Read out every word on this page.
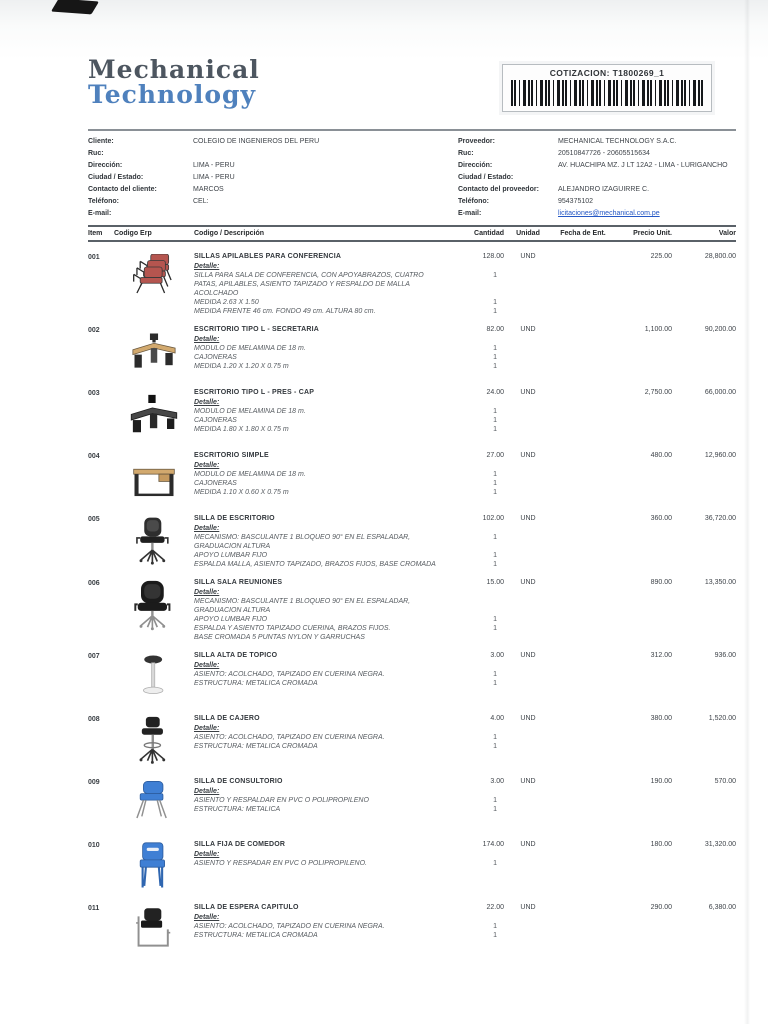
Mechanical
Technology
COTIZACION: T1800269_1
Cliente:	COLEGIO DE INGENIEROS DEL PERU
Ruc:
Dirección:	LIMA - PERU
Ciudad / Estado:	LIMA - PERU
Contacto del cliente:	MARCOS
Teléfono:	CEL:
E-mail:
Proveedor:	MECHANICAL TECHNOLOGY S.A.C.
Ruc:	20510847726 - 20605515634
Dirección:	AV. HUACHIPA MZ. J LT 12A2 - LIMA - LURIGANCHO
Ciudad / Estado:
Contacto del proveedor:	ALEJANDRO IZAGUIRRE C.
Teléfono:	954375102
E-mail:	licitaciones@mechanical.com.pe
Item	Codigo Erp	Codigo / Descripción	Cantidad	Unidad	Fecha de Ent.	Precio Unit.	Valor
001	SILLAS APILABLES PARA CONFERENCIA	128.00	UND	225.00	28,800.00
Detalle:
SILLA PARA SALA DE CONFERENCIA, CON APOYABRAZOS, CUATRO PATAS, APILABLES, ASIENTO TAPIZADO Y RESPALDO DE MALLA ACOLCHADO
1
MEDIDA 2.63 X 1.50	1
MEDIDA FRENTE 46 cm. FONDO 49 cm. ALTURA 80 cm.	1
002	ESCRITORIO TIPO L - SECRETARIA	82.00	UND	1,100.00	90,200.00
Detalle:
MODULO DE MELAMINA DE 18 m.	1
CAJONERAS	1
MEDIDA 1.20 X 1.20 X 0.75 m	1
003	ESCRITORIO TIPO L - PRES - CAP	24.00	UND	2,750.00	66,000.00
Detalle:
MODULO DE MELAMINA DE 18 m.	1
CAJONERAS	1
MEDIDA 1.80 X 1.80 X 0.75 m	1
004	ESCRITORIO SIMPLE	27.00	UND	480.00	12,960.00
Detalle:
MODULO DE MELAMINA DE 18 m.	1
CAJONERAS	1
MEDIDA 1.10 X 0.60 X 0.75 m	1
005	SILLA DE ESCRITORIO	102.00	UND	360.00	36,720.00
Detalle:
MECANISMO: BASCULANTE 1 BLOQUEO 90° EN EL ESPALADAR, GRADUACION ALTURA
1
APOYO LUMBAR FIJO	1
ESPALDA MALLA, ASIENTO TAPIZADO, BRAZOS FIJOS, BASE CROMADA	1
006	SILLA SALA REUNIONES	15.00	UND	890.00	13,350.00
Detalle:
MECANISMO: BASCULANTE 1 BLOQUEO 90° EN EL ESPALADAR, GRADUACION ALTURA
APOYO LUMBAR FIJO	1
ESPALDA Y ASIENTO TAPIZADO CUERINA, BRAZOS FIJOS.	1
BASE CROMADA 5 PUNTAS NYLON Y GARRUCHAS
007	SILLA ALTA DE TOPICO	3.00	UND	312.00	936.00
Detalle:
ASIENTO: ACOLCHADO, TAPIZADO EN CUERINA NEGRA.	1
ESTRUCTURA: METALICA CROMADA	1
008	SILLA DE CAJERO	4.00	UND	380.00	1,520.00
Detalle:
ASIENTO: ACOLCHADO, TAPIZADO EN CUERINA NEGRA.	1
ESTRUCTURA: METALICA CROMADA	1
009	SILLA DE CONSULTORIO	3.00	UND	190.00	570.00
Detalle:
ASIENTO Y RESPALDAR EN PVC O POLIPROPILENO	1
ESTRUCTURA: METALICA	1
010	SILLA FIJA DE COMEDOR	174.00	UND	180.00	31,320.00
Detalle:
ASIENTO Y RESPADAR EN PVC O POLIPROPILENO.	1
011	SILLA DE ESPERA CAPITULO	22.00	UND	290.00	6,380.00
Detalle:
ASIENTO: ACOLCHADO, TAPIZADO EN CUERINA NEGRA.	1
ESTRUCTURA: METALICA CROMADA	1
